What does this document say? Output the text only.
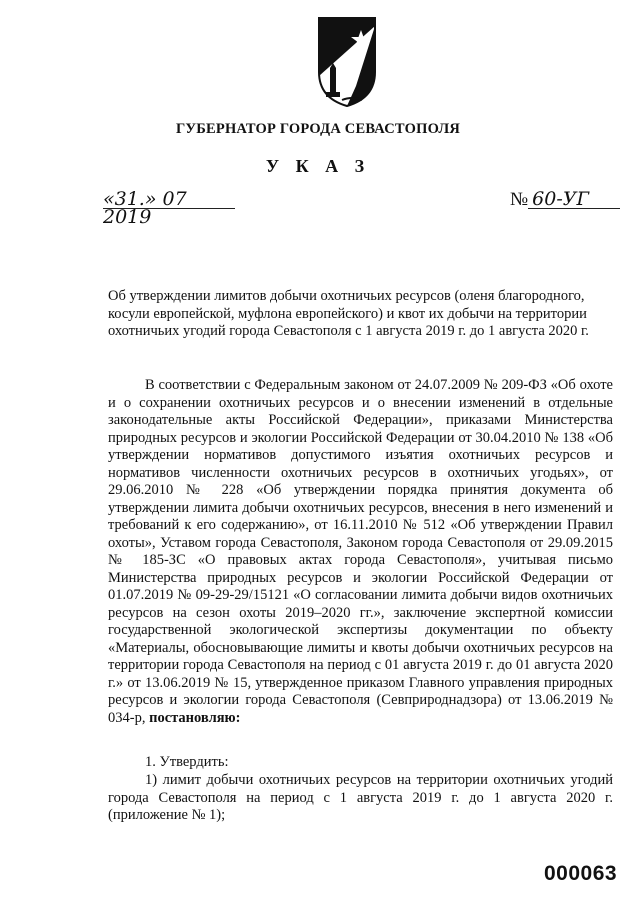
ГУБЕРНАТОР ГОРОДА СЕВАСТОПОЛЯ
У К А З
«31.» 07 2019
№ 60-УГ
Об утверждении лимитов добычи охотничьих ресурсов (оленя благородного, косули европейской, муфлона европейского) и квот их добычи на территории охотничьих угодий города Севастополя с 1 августа 2019 г. до 1 августа 2020 г.
В соответствии с Федеральным законом от 24.07.2009 № 209-ФЗ «Об охоте и о сохранении охотничьих ресурсов и о внесении изменений в отдельные законодательные акты Российской Федерации», приказами Министерства природных ресурсов и экологии Российской Федерации от 30.04.2010 № 138 «Об утверждении нормативов допустимого изъятия охотничьих ресурсов и нормативов численности охотничьих ресурсов в охотничьих угодьях», от 29.06.2010 № 228 «Об утверждении порядка принятия документа об утверждении лимита добычи охотничьих ресурсов, внесения в него изменений и требований к его содержанию», от 16.11.2010 № 512 «Об утверждении Правил охоты», Уставом города Севастополя, Законом города Севастополя от 29.09.2015 № 185-ЗС «О правовых актах города Севастополя», учитывая письмо Министерства природных ресурсов и экологии Российской Федерации от 01.07.2019 № 09-29-29/15121 «О согласовании лимита добычи видов охотничьих ресурсов на сезон охоты 2019–2020 гг.», заключение экспертной комиссии государственной экологической экспертизы документации по объекту «Материалы, обосновывающие лимиты и квоты добычи охотничьих ресурсов на территории города Севастополя на период с 01 августа 2019 г. до 01 августа 2020 г.» от 13.06.2019 № 15, утвержденное приказом Главного управления природных ресурсов и экологии города Севастополя (Севприроднадзора) от 13.06.2019 № 034-р, постановляю:
1. Утвердить:
1) лимит добычи охотничьих ресурсов на территории охотничьих угодий города Севастополя на период с 1 августа 2019 г. до 1 августа 2020 г. (приложение № 1);
000063
